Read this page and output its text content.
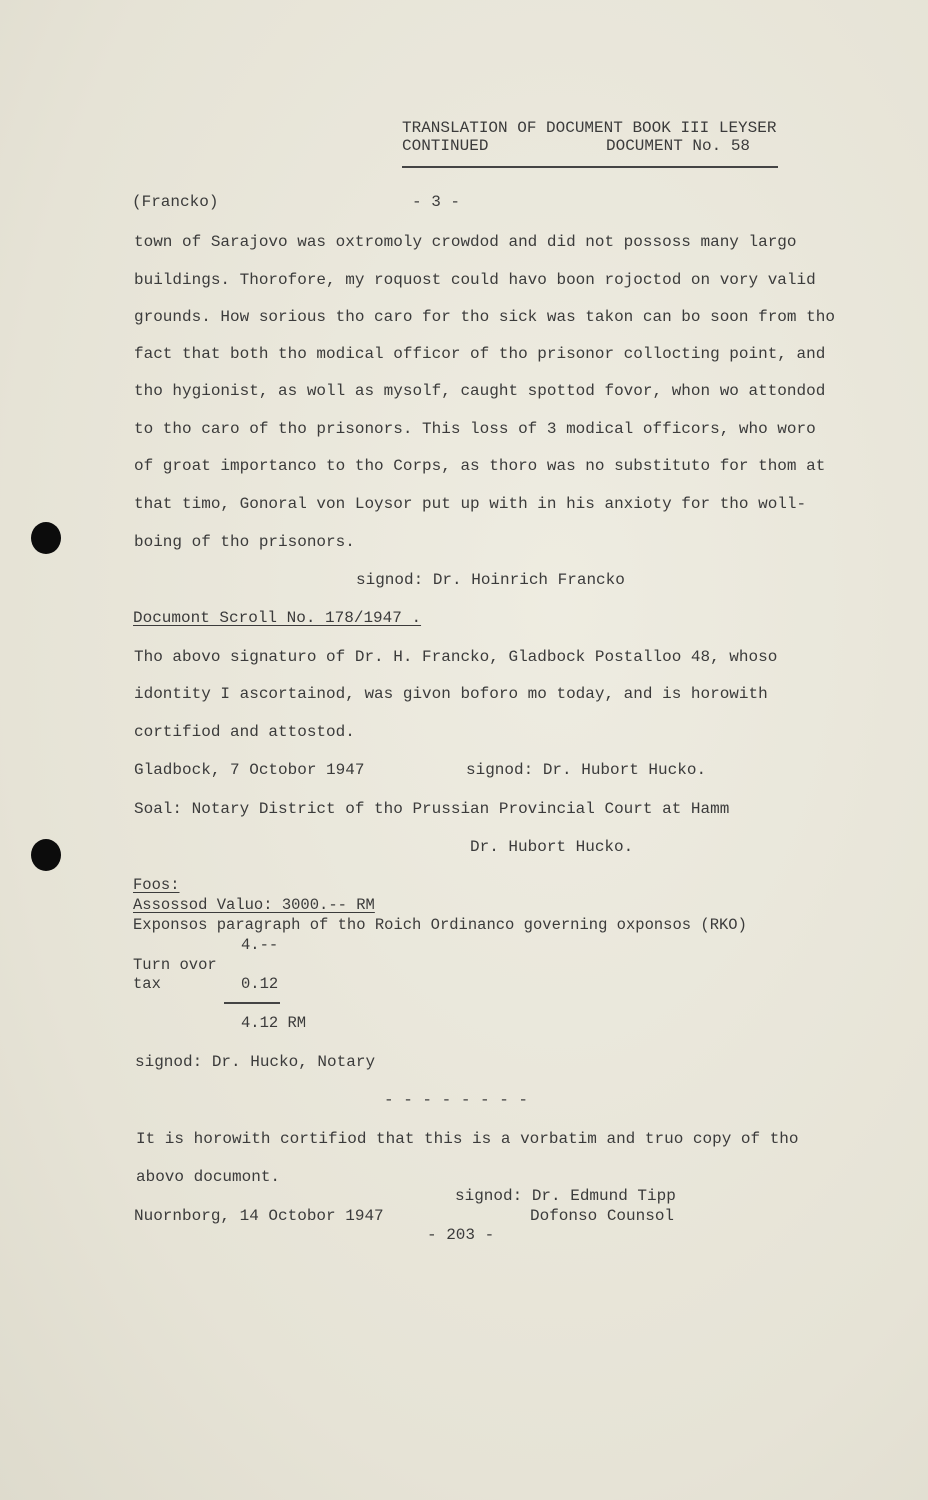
TRANSLATION OF DOCUMENT BOOK III LEYSER
CONTINUED	DOCUMENT No. 58
(Francko)	- 3 -
town of Sarajovo was oxtromoly crowdod and did not possoss many largo
buildings. Thorofore, my roquost could havo boon rojoctod on vory valid
grounds. How sorious tho caro for tho sick was takon can bo soon from tho
fact that both tho modical officor of tho prisonor collocting point, and
tho hygionist, as woll as mysolf, caught spottod fovor, whon wo attondod
to tho caro of tho prisonors. This loss of 3 modical officors, who woro
of groat importanco to tho Corps, as thoro was no substituto for thom at
that timo, Gonoral von Loysor put up with in his anxioty for tho woll-
boing of tho prisonors.
signod: Dr. Hoinrich Francko
Documont Scroll No. 178/1947 .
Tho abovo signaturo of Dr. H. Francko, Gladbock Postalloo 48, whoso
idontity I ascortainod, was givon boforo mo today, and is horowith
cortifiod and attostod.
Gladbock, 7 Octobor 1947	signod: Dr. Hubort Hucko.
Soal: Notary District of tho Prussian Provincial Court at Hamm
Dr. Hubort Hucko.
Foos:
Assossod Valuo: 3000.-- RM
Exponsos paragraph of tho Roich Ordinanco governing oxponsos (RKO)
4.--
Turn ovor
tax	0.12
4.12 RM
signod: Dr. Hucko, Notary
- - - - - - - -
It is horowith cortifiod that this is a vorbatim and truo copy of tho
abovo documont.
signod: Dr. Edmund Tipp
Nuornborg, 14 Octobor 1947	Dofonso Counsol
- 203 -
